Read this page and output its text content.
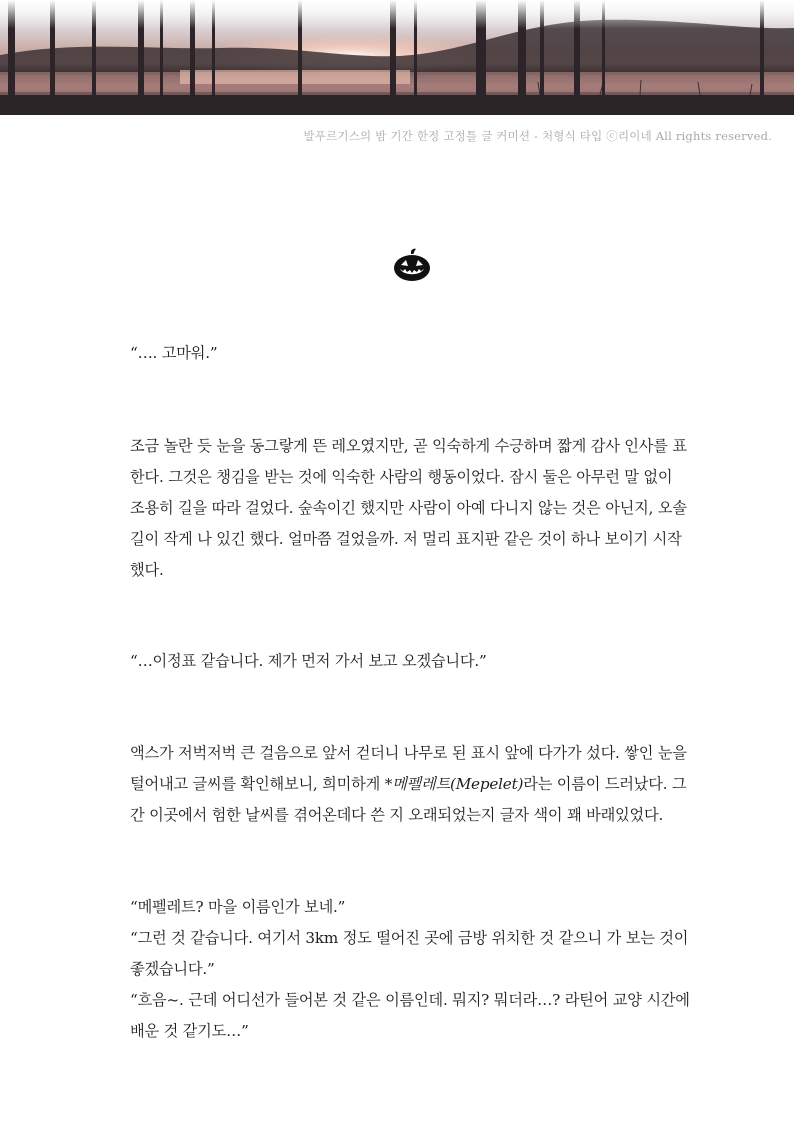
발푸르기스의 밤 기간 한정 고정틀 글 커미션 - 처형식 타입 ⓒ리이네 All rights reserved.

“…. 고마워.”

조금 놀란 듯 눈을 동그랗게 뜬 레오였지만, 곧 익숙하게 수긍하며 짧게 감사 인사를 표
한다. 그것은 챙김을 받는 것에 익숙한 사람의 행동이었다. 잠시 둘은 아무런 말 없이
조용히 길을 따라 걸었다. 숲속이긴 했지만 사람이 아예 다니지 않는 것은 아닌지, 오솔
길이 작게 나 있긴 했다. 얼마쯤 걸었을까. 저 멀리 표지판 같은 것이 하나 보이기 시작
했다.

“…이정표 같습니다. 제가 먼저 가서 보고 오겠습니다.”

액스가 저벅저벅 큰 걸음으로 앞서 걷더니 나무로 된 표시 앞에 다가가 섰다. 쌓인 눈을
털어내고 글씨를 확인해보니, 희미하게 *메펠레트(Mepelet)라는 이름이 드러났다. 그
간 이곳에서 험한 날씨를 겪어온데다 쓴 지 오래되었는지 글자 색이 꽤 바래있었다.
“메펠레트? 마을 이름인가 보네.”
“그런 것 같습니다. 여기서 3km 정도 떨어진 곳에 금방 위치한 것 같으니 가 보는 것이
좋겠습니다.”
“흐음~. 근데 어디선가 들어본 것 같은 이름인데. 뭐지? 뭐더라…? 라틴어 교양 시간에
배운 것 같기도…”
